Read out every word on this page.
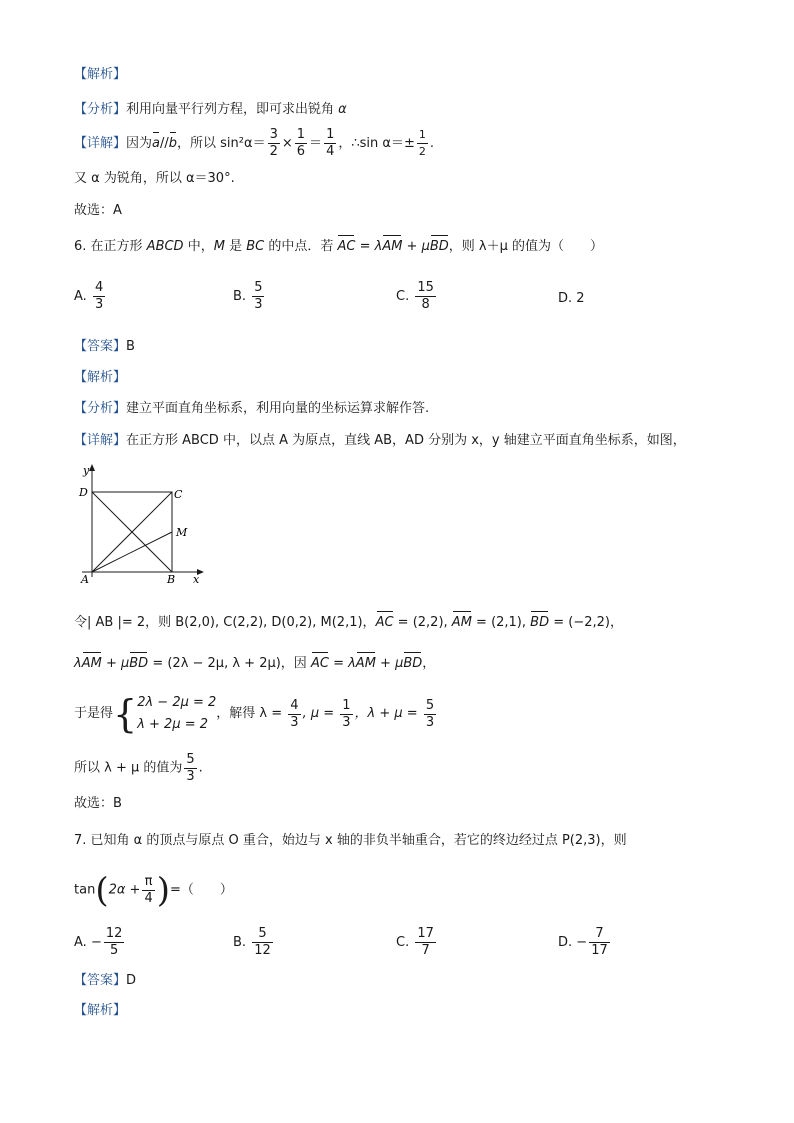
【解析】
【分析】利用向量平行列方程，即可求出锐角 α
【详解】因为a//b，所以 $\sin^2\alpha= \frac{3}{2} \times \frac{1}{6} = \frac{1}{4}$ ，∴sin $\alpha=\pm \frac{1}{2}$ .
又 α 为锐角，所以 α＝30°.
故选：A
6. 在正方形 ABCD 中，M 是 BC 的中点．若 AC = λAM + μBD，则 λ＋μ 的值为（　　）
A. $\frac{4}{3}$	B. $\frac{5}{3}$	C. $\frac{15}{8}$	D. 2
【答案】B
【解析】
【分析】建立平面直角坐标系，利用向量的坐标运算求解作答.
【详解】在正方形 ABCD 中，以点 A 为原点，直线 AB，AD 分别为 x，y 轴建立平面直角坐标系，如图，
y
D	C
M
A	B x
令| AB |= 2，则 B(2,0), C(2,2), D(0,2), M(2,1)，AC = (2,2), AM = (2,1), BD = (−2,2)，
λAM + μBD = (2λ − 2μ, λ + 2μ)，因 AC = λAM + μBD，
于是得{ 2λ − 2μ = 2
λ + 2μ = 2
，解得 $\lambda = \frac{4}{3}$ , $\mu = \frac{1}{3}$ ，$\lambda + \mu = \frac{5}{3}$
所以 λ + μ 的值为 $\frac{5}{3}$ .
故选：B
7. 已知角 α 的顶点与原点 O 重合，始边与 x 轴的非负半轴重合，若它的终边经过点 P(2,3)，则
$\tan(2\alpha + \frac{\pi}{4}$ )=（　　）
A. − $\frac{12}{5}$	B. $\frac{5}{12}$	C. $\frac{17}{7}$	D. − $\frac{7}{17}$
【答案】D
【解析】
